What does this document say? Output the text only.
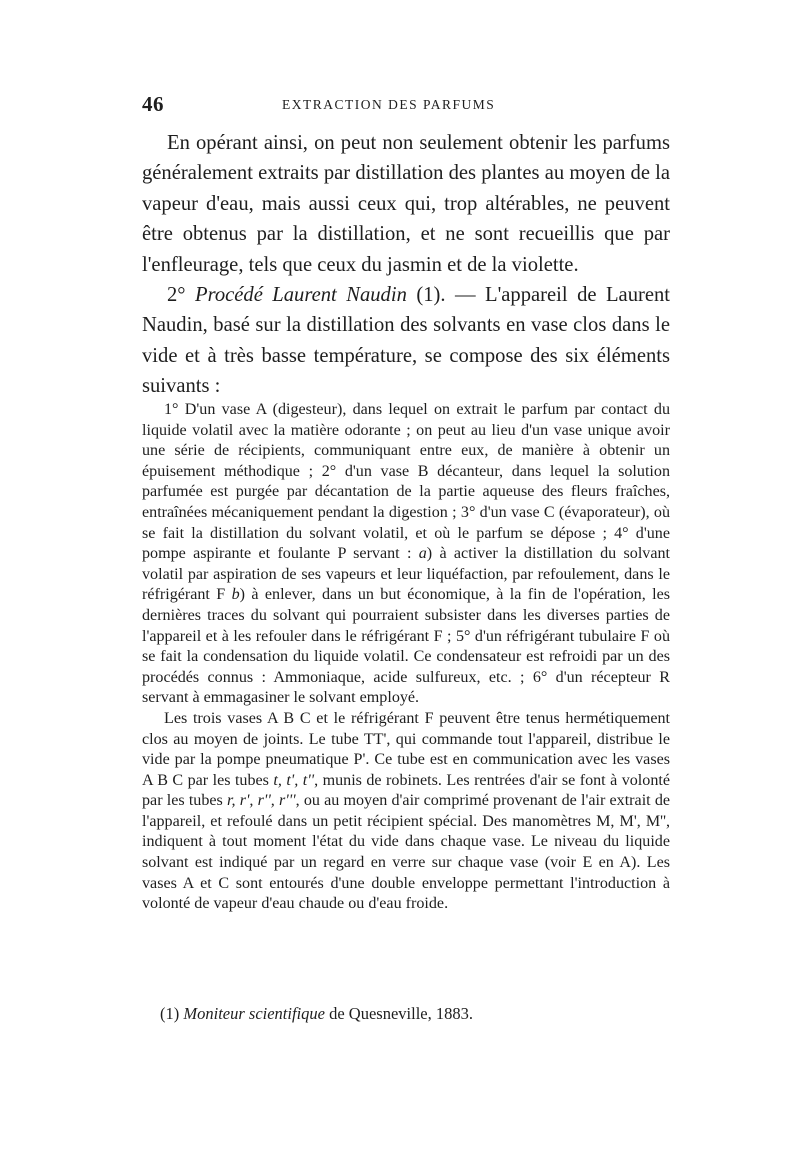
46	EXTRACTION DES PARFUMS

En opérant ainsi, on peut non seulement obtenir les parfums généralement extraits par distillation des plantes au moyen de la vapeur d'eau, mais aussi ceux qui, trop altérables, ne peuvent être obtenus par la distillation, et ne sont recueillis que par l'enfleurage, tels que ceux du jasmin et de la violette.

2° Procédé Laurent Naudin (1). — L'appareil de Laurent Naudin, basé sur la distillation des solvants en vase clos dans le vide et à très basse température, se compose des six éléments suivants :

1° D'un vase A (digesteur), dans lequel on extrait le parfum par contact du liquide volatil avec la matière odorante ; on peut au lieu d'un vase unique avoir une série de récipients, communiquant entre eux, de manière à obtenir un épuisement méthodique ; 2° d'un vase B décanteur, dans lequel la solution parfumée est purgée par décantation de la partie aqueuse des fleurs fraîches, entraînées mécaniquement pendant la digestion ; 3° d'un vase C (évaporateur), où se fait la distillation du solvant volatil, et où le parfum se dépose ; 4° d'une pompe aspirante et foulante P servant : a) à activer la distillation du solvant volatil par aspiration de ses vapeurs et leur liquéfaction, par refoulement, dans le réfrigérant F b) à enlever, dans un but économique, à la fin de l'opération, les dernières traces du solvant qui pourraient subsister dans les diverses parties de l'appareil et à les refouler dans le réfrigérant F ; 5° d'un réfrigérant tubulaire F où se fait la condensation du liquide volatil. Ce condensateur est refroidi par un des procédés connus : Ammoniaque, acide sulfureux, etc. ; 6° d'un récepteur R servant à emmagasiner le solvant employé.

Les trois vases A B C et le réfrigérant F peuvent être tenus hermétiquement clos au moyen de joints. Le tube TT', qui commande tout l'appareil, distribue le vide par la pompe pneumatique P'. Ce tube est en communication avec les vases A B C par les tubes t, t', t'', munis de robinets. Les rentrées d'air se font à volonté par les tubes r, r', r'', r''', ou au moyen d'air comprimé provenant de l'air extrait de l'appareil, et refoulé dans un petit récipient spécial. Des manomètres M, M', M'', indiquent à tout moment l'état du vide dans chaque vase. Le niveau du liquide solvant est indiqué par un regard en verre sur chaque vase (voir E en A). Les vases A et C sont entourés d'une double enveloppe permettant l'introduction à volonté de vapeur d'eau chaude ou d'eau froide.

(1) Moniteur scientifique de Quesneville, 1883.
